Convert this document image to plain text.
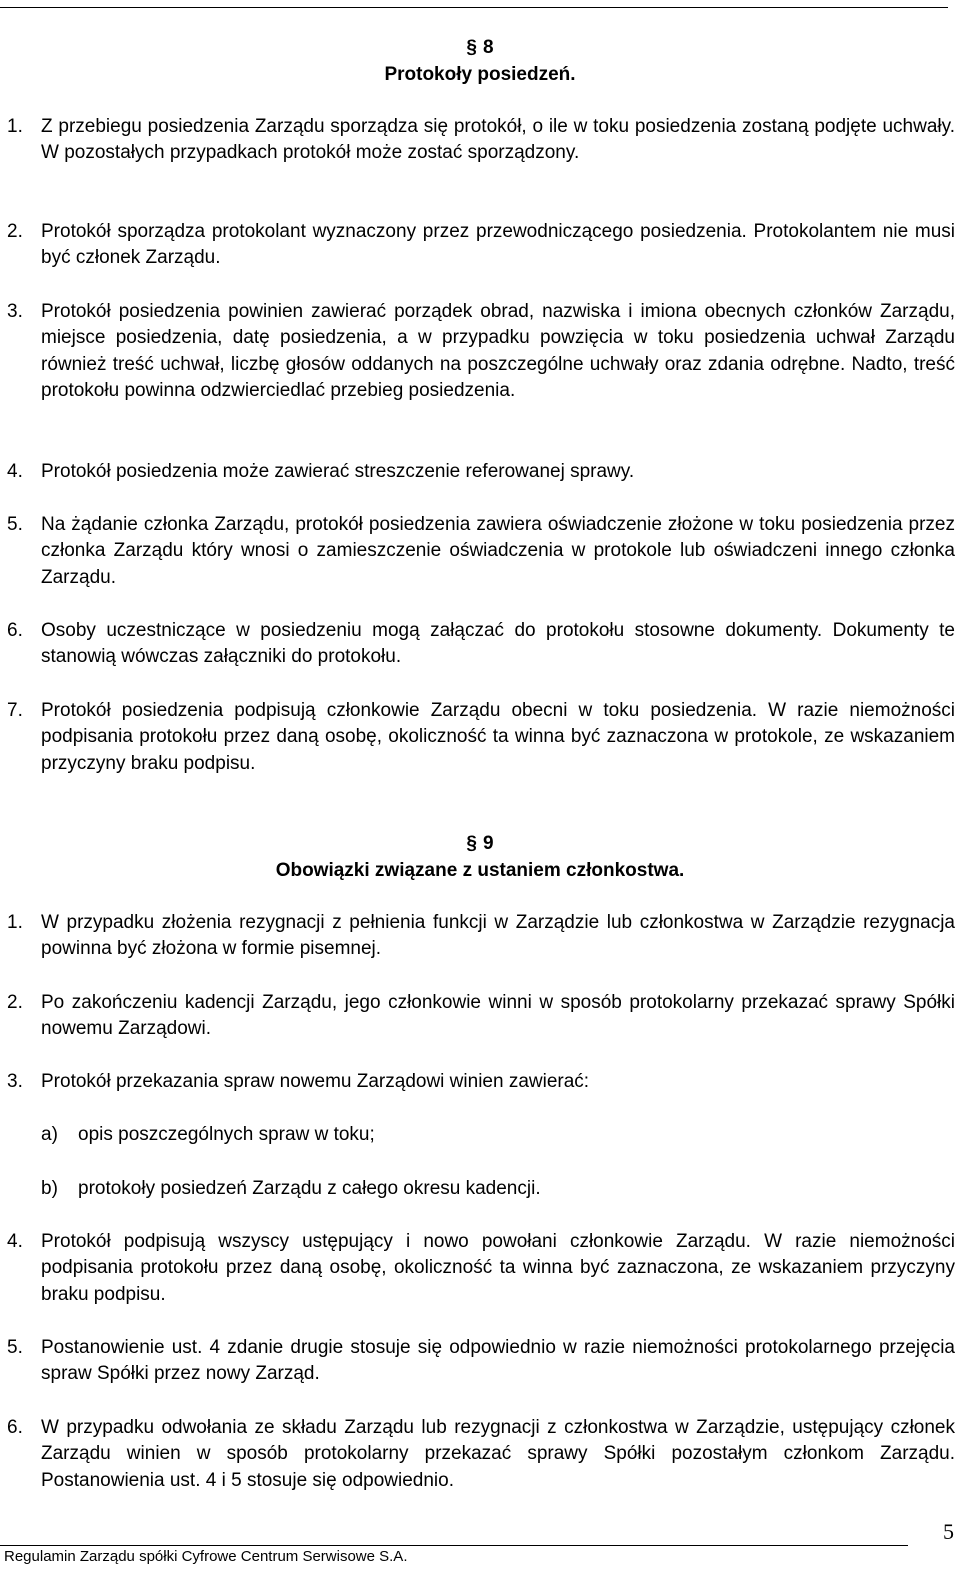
§ 8
Protokoły posiedzeń.
1. Z przebiegu posiedzenia Zarządu sporządza się protokół, o ile w toku posiedzenia zostaną podjęte uchwały. W pozostałych przypadkach protokół może zostać sporządzony.
2. Protokół sporządza protokolant wyznaczony przez przewodniczącego posiedzenia. Protokolantem nie musi być członek Zarządu.
3. Protokół posiedzenia powinien zawierać porządek obrad, nazwiska i imiona obecnych członków Zarządu, miejsce posiedzenia, datę posiedzenia, a w przypadku powzięcia w toku posiedzenia uchwał Zarządu również treść uchwał, liczbę głosów oddanych na poszczególne uchwały oraz zdania odrębne. Nadto, treść protokołu powinna odzwierciedlać przebieg posiedzenia.
4. Protokół posiedzenia może zawierać streszczenie referowanej sprawy.
5. Na żądanie członka Zarządu, protokół posiedzenia zawiera oświadczenie złożone w toku posiedzenia przez członka Zarządu który wnosi o zamieszczenie oświadczenia w protokole lub oświadczeni innego członka Zarządu.
6. Osoby uczestniczące w posiedzeniu mogą załączać do protokołu stosowne dokumenty. Dokumenty te stanowią wówczas załączniki do protokołu.
7. Protokół posiedzenia podpisują członkowie Zarządu obecni w toku posiedzenia. W razie niemożności podpisania protokołu przez daną osobę, okoliczność ta winna być zaznaczona w protokole, ze wskazaniem przyczyny braku podpisu.
§ 9
Obowiązki związane z ustaniem członkostwa.
1. W przypadku złożenia rezygnacji z pełnienia funkcji w Zarządzie lub członkostwa w Zarządzie rezygnacja powinna być złożona w formie pisemnej.
2. Po zakończeniu kadencji Zarządu, jego członkowie winni w sposób protokolarny przekazać sprawy Spółki nowemu Zarządowi.
3. Protokół przekazania spraw nowemu Zarządowi winien zawierać:
a) opis poszczególnych spraw w toku;
b) protokoły posiedzeń Zarządu z całego okresu kadencji.
4. Protokół podpisują wszyscy ustępujący i nowo powołani członkowie Zarządu. W razie niemożności podpisania protokołu przez daną osobę, okoliczność ta winna być zaznaczona, ze wskazaniem przyczyny braku podpisu.
5. Postanowienie ust. 4 zdanie drugie stosuje się odpowiednio w razie niemożności protokolarnego przejęcia spraw Spółki przez nowy Zarząd.
6. W przypadku odwołania ze składu Zarządu lub rezygnacji z członkostwa w Zarządzie, ustępujący członek Zarządu winien w sposób protokolarny przekazać sprawy Spółki pozostałym członkom Zarządu. Postanowienia ust. 4 i 5 stosuje się odpowiednio.
5
Regulamin Zarządu spółki Cyfrowe Centrum Serwisowe S.A.
